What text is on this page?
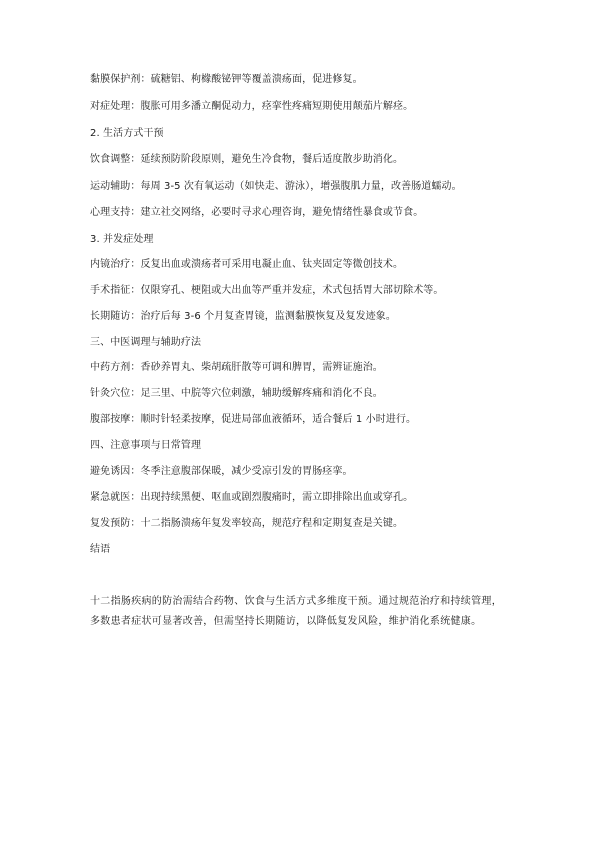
黏膜保护剂：硫糖铝、枸橼酸铋钾等覆盖溃疡面，促进修复。
对症处理：腹胀可用多潘立酮促动力，痉挛性疼痛短期使用颠茄片解痉。
2. 生活方式干预
饮食调整：延续预防阶段原则，避免生冷食物，餐后适度散步助消化。
运动辅助：每周 3-5 次有氧运动（如快走、游泳），增强腹肌力量，改善肠道蠕动。
心理支持：建立社交网络，必要时寻求心理咨询，避免情绪性暴食或节食。
3. 并发症处理
内镜治疗：反复出血或溃疡者可采用电凝止血、钛夹固定等微创技术。
手术指征：仅限穿孔、梗阻或大出血等严重并发症，术式包括胃大部切除术等。
长期随访：治疗后每 3-6 个月复查胃镜，监测黏膜恢复及复发迹象。
三、中医调理与辅助疗法
中药方剂：香砂养胃丸、柴胡疏肝散等可调和脾胃，需辨证施治。
针灸穴位：足三里、中脘等穴位刺激，辅助缓解疼痛和消化不良。
腹部按摩：顺时针轻柔按摩，促进局部血液循环，适合餐后 1 小时进行。
四、注意事项与日常管理
避免诱因：冬季注意腹部保暖，减少受凉引发的胃肠痉挛。
紧急就医：出现持续黑便、呕血或剧烈腹痛时，需立即排除出血或穿孔。
复发预防：十二指肠溃疡年复发率较高，规范疗程和定期复查是关键。
结语
十二指肠疾病的防治需结合药物、饮食与生活方式多维度干预。通过规范治疗和持续管理，多数患者症状可显著改善，但需坚持长期随访，以降低复发风险，维护消化系统健康。
